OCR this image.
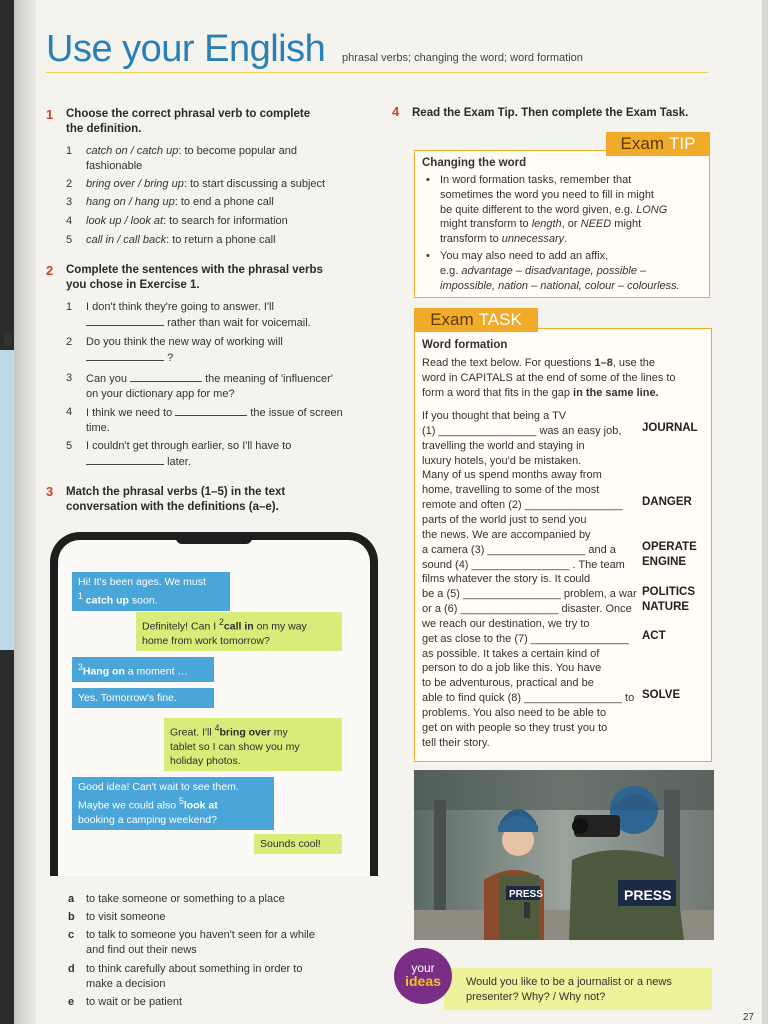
Use your English phrasal verbs; changing the word; word formation
1 Choose the correct phrasal verb to complete
the definition.
1	catch on / catch up: to become popular and
fashionable
2	bring over / bring up: to start discussing a subject
3	hang on / hang up: to end a phone call
4	look up / look at: to search for information
5	call in / call back: to return a phone call
2 Complete the sentences with the phrasal verbs
you chose in Exercise 1.
1	I don't think they're going to answer. I'll
rather than wait for voicemail.
2	Do you think the new way of working will
?
3	Can you	the meaning of 'influencer'
on your dictionary app for me?
4	I think we need to	the issue of screen
time.
5	I couldn't get through earlier, so I'll have to
later.
3 Match the phrasal verbs (1–5) in the text
conversation with the definitions (a–e).
Hi! It's been ages. We must
$^1$ catch up soon.
Definitely! Can I $^2$call in on my way
home from work tomorrow?
$^3$Hang on a moment …
Yes. Tomorrow's fine.
Great. I'll $^4$bring over my
tablet so I can show you my
holiday photos.
Good idea! Can't wait to see them.
Maybe we could also $^5$look at
booking a camping weekend?
Sounds cool!
a to take someone or something to a place
b to visit someone
c to talk to someone you haven't seen for a while
and find out their news
d to think carefully about something in order to
make a decision
e to wait or be patient
4 Read the Exam Tip. Then complete the Exam Task.
Exam TIP
Changing the word
• In word formation tasks, remember that
sometimes the word you need to fill in might
be quite different to the word given, e.g. LONG
might transform to length, or NEED might
transform to unnecessary.
• You may also need to add an affix,
e.g. advantage – disadvantage, possible –
impossible, nation – national, colour – colourless.
Exam TASK
Word formation
Read the text below. For questions 1–8, use the
word in CAPITALS at the end of some of the lines to
form a word that fits in the gap in the same line.
If you thought that being a TV
(1) ________________ was an easy job,
travelling the world and staying in
luxury hotels, you'd be mistaken.
Many of us spend months away from
home, travelling to some of the most
remote and often (2) ________________
parts of the world just to send you
the news. We are accompanied by
a camera (3) ________________ and a
sound (4) ________________ . The team
films whatever the story is. It could
be a (5) ________________ problem, a war
or a (6) ________________ disaster. Once
we reach our destination, we try to
get as close to the (7) ________________
as possible. It takes a certain kind of
person to do a job like this. You have
to be adventurous, practical and be
able to find quick (8) ________________ to
problems. You also need to be able to
get on with people so they trust you to
tell their story.
JOURNAL
DANGER
OPERATE
ENGINE
POLITICS
NATURE
ACT
SOLVE
PRESS	PRESS
your
ideas	Would you like to be a journalist or a news
presenter? Why? / Why not?
27
